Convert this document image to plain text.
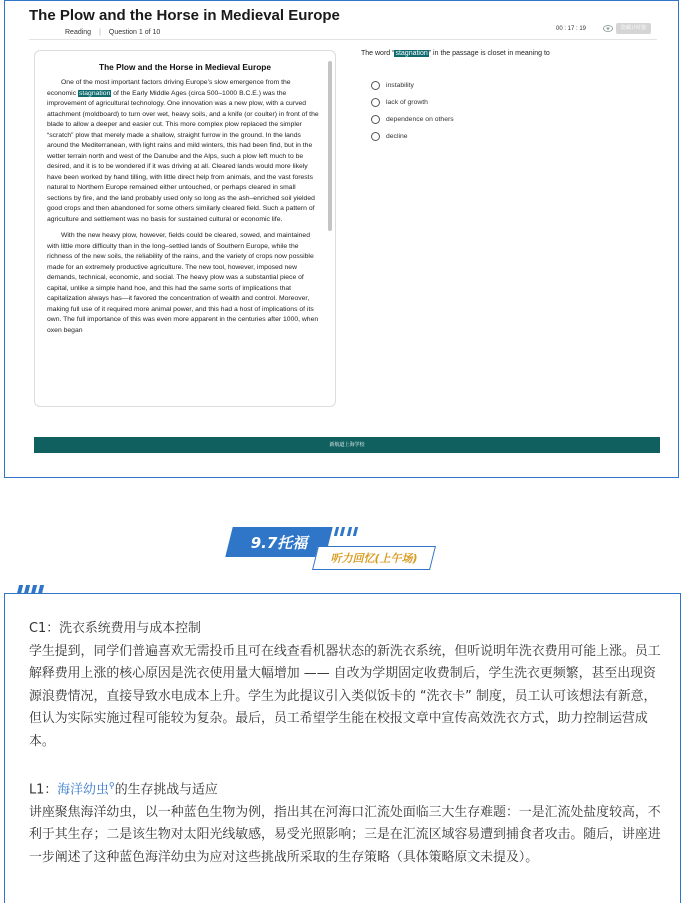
The Plow and the Horse in Medieval Europe
Reading | Question 1 of 10	00 : 17 : 19	隐藏计时器
The Plow and the Horse in Medieval Europe
One of the most important factors driving Europe’s slow emergence from the economic stagnation of the Early Middle Ages (circa 500–1000 B.C.E.) was the improvement of agricultural technology. One innovation was a new plow, with a curved attachment (moldboard) to turn over wet, heavy soils, and a knife (or coulter) in front of the blade to allow a deeper and easier cut. This more complex plow replaced the simpler “scratch” plow that merely made a shallow, straight furrow in the ground. In the lands around the Mediterranean, with light rains and mild winters, this had been find, but in the wetter terrain north and west of the Danube and the Alps, such a plow left much to be desired, and it is to be wondered if it was driving at all. Cleared lands would more likely have been worked by hand tilling, with little direct help from animals, and the vast forests natural to Northern Europe remained either untouched, or perhaps cleared in small sections by fire, and the land probably used only so long as the ash–enriched soil yielded good crops and then abandoned for some others similarly cleared field. Such a pattern of agriculture and settlement was no basis for sustained cultural or economic life.
With the new heavy plow, however, fields could be cleared, sowed, and maintained with little more difficulty than in the long–settled lands of Southern Europe, while the richness of the new soils, the reliability of the rains, and the variety of crops now possible made for an extremely productive agriculture. The new tool, however, imposed new demands, technical, economic, and social. The heavy plow was a substantial piece of capital, unlike a simple hand hoe, and this had the same sorts of implications that capitalization always has—it favored the concentration of wealth and control. Moreover, making full use of it required more animal power, and this had a host of implications of its own. The full importance of this was even more apparent in the centuries after 1000, when oxen began
The word “stagnation” in the passage is closet in meaning to
instability
lack of growth
dependence on others
decline
新航道上海学校
9.7托福
听力回忆(上午场)

C1：洗衣系统费用与成本控制

学生提到，同学们普遍喜欢无需投币且可在线查看机器状态的新洗衣系统，但听说明年洗衣费用可能上涨。员工解释费用上涨的核心原因是洗衣使用量大幅增加 —— 自改为学期固定收费制后，学生洗衣更频繁，甚至出现资源浪费情况，直接导致水电成本上升。学生为此提议引入类似饭卡的 “洗衣卡” 制度，员工认可该想法有新意，但认为实际实施过程可能较为复杂。最后，员工希望学生能在校报文章中宣传高效洗衣方式，助力控制运营成本。

L1：海洋幼虫⚲的生存挑战与适应

讲座聚焦海洋幼虫，以一种蓝色生物为例，指出其在河海口汇流处面临三大生存难题：一是汇流处盐度较高，不利于其生存；二是该生物对太阳光线敏感，易受光照影响；三是在汇流区域容易遭到捕食者攻击。随后，讲座进一步阐述了这种蓝色海洋幼虫为应对这些挑战所采取的生存策略（具体策略原文未提及）。
